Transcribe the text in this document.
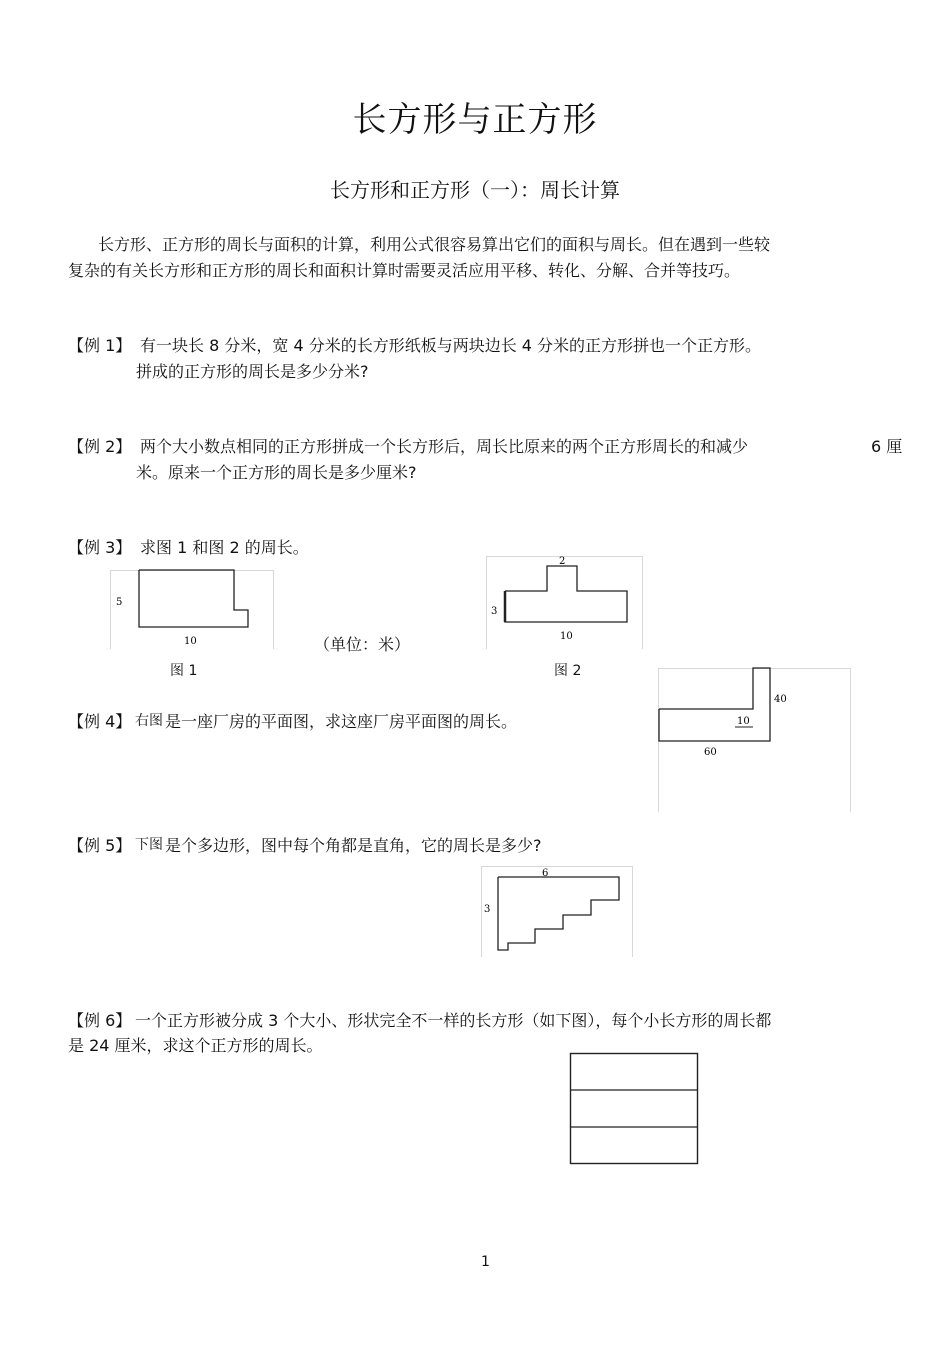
长方形与正方形
长方形和正方形（一）：周长计算
长方形、正方形的周长与面积的计算，利用公式很容易算出它们的面积与周长。但在遇到一些较
复杂的有关长方形和正方形的周长和面积计算时需要灵活应用平移、转化、分解、合并等技巧。
【例 1】 有一块长 8 分米，宽 4 分米的长方形纸板与两块边长 4 分米的正方形拼也一个正方形。
拼成的正方形的周长是多少分米?
【例 2】 两个大小数点相同的正方形拼成一个长方形后，周长比原来的两个正方形周长的和减少	6 厘
米。原来一个正方形的周长是多少厘米?
【例 3】 求图 1 和图 2 的周长。
5
10	（单位：米）
图 1
2
3
10
图 2
【例 4】 右图 是一座厂房的平面图，求这座厂房平面图的周长。
40
10
60
【例 5】 下图 是个多边形，图中每个角都是直角，它的周长是多少?
6
3
【例 6】 一个正方形被分成 3 个大小、形状完全不一样的长方形（如下图），每个小长方形的周长都
是 24 厘米，求这个正方形的周长。
1
